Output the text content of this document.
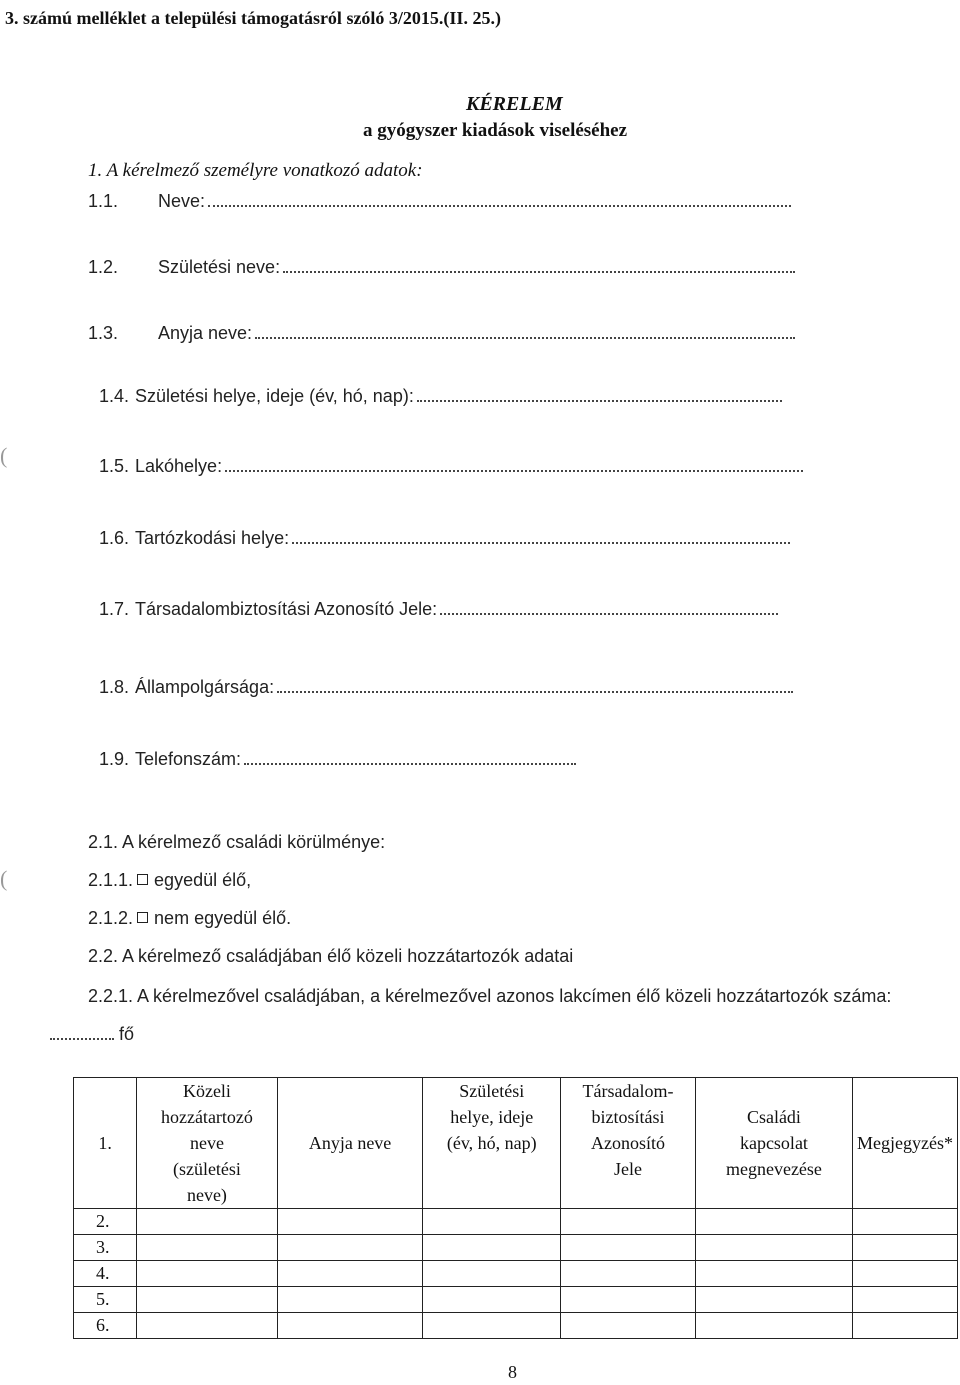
3. számú melléklet a települési támogatásról szóló 3/2015.(II. 25.)
KÉRELEM
a gyógyszer kiadások viseléséhez
1. A kérelmező személyre vonatkozó adatok:
1.1. Neve:
1.2. Születési neve:
1.3. Anyja neve:
1.4. Születési helye, ideje (év, hó, nap):
1.5. Lakóhelye:
1.6. Tartózkodási helye:
1.7. Társadalombiztosítási Azonosító Jele:
1.8. Állampolgársága:
1.9. Telefonszám:
(
(
2.1. A kérelmező családi körülménye:
2.1.1. egyedül élő,
2.1.2. nem egyedül élő.
2.2. A kérelmező családjában élő közeli hozzátartozók adatai
2.2.1. A kérelmezővel családjában, a kérelmezővel azonos lakcímen élő közeli hozzátartozók száma:
fő
1.	Közeli
hozzátartozó
neve
(születési
neve)	Anyja neve	Születési
helye, ideje
(év, hó, nap)	Társadalom-
biztosítási
Azonosító
Jele	Családi
kapcsolat
megnevezése	Megjegyzés*

2.						
3.						
4.						
5.						
6.						
8
